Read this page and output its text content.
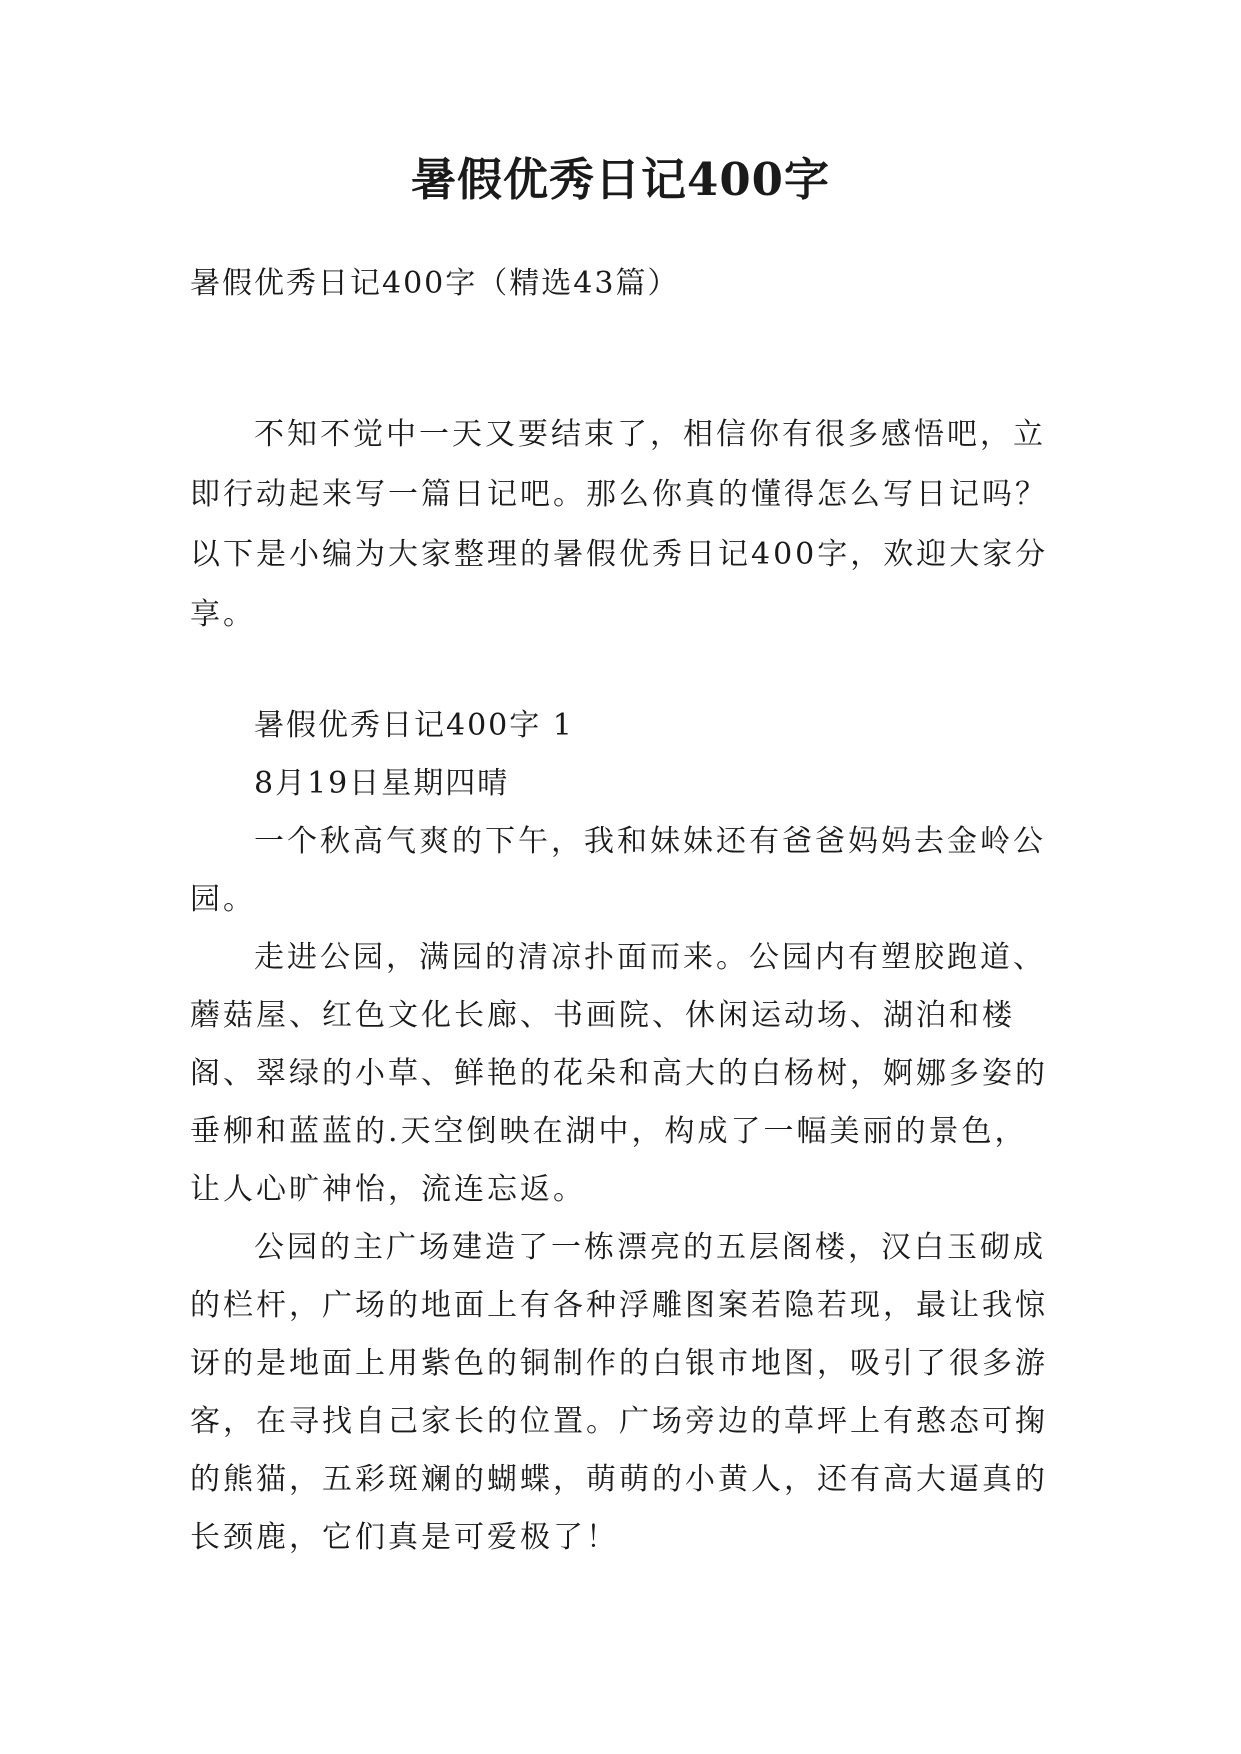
暑假优秀日记400字

暑假优秀日记400字（精选43篇）

不知不觉中一天又要结束了，相信你有很多感悟吧，立即行动起来写一篇日记吧。那么你真的懂得怎么写日记吗？以下是小编为大家整理的暑假优秀日记400字，欢迎大家分享。

暑假优秀日记400字 1

8月19日星期四晴

一个秋高气爽的下午，我和妹妹还有爸爸妈妈去金岭公园。

走进公园，满园的清凉扑面而来。公园内有塑胶跑道、蘑菇屋、红色文化长廊、书画院、休闲运动场、湖泊和楼阁、翠绿的小草、鲜艳的花朵和高大的白杨树，婀娜多姿的垂柳和蓝蓝的.天空倒映在湖中，构成了一幅美丽的景色，让人心旷神怡，流连忘返。

公园的主广场建造了一栋漂亮的五层阁楼，汉白玉砌成的栏杆，广场的地面上有各种浮雕图案若隐若现，最让我惊讶的是地面上用紫色的铜制作的白银市地图，吸引了很多游客，在寻找自己家长的位置。广场旁边的草坪上有憨态可掬的熊猫，五彩斑斓的蝴蝶，萌萌的小黄人，还有高大逼真的长颈鹿，它们真是可爱极了！
